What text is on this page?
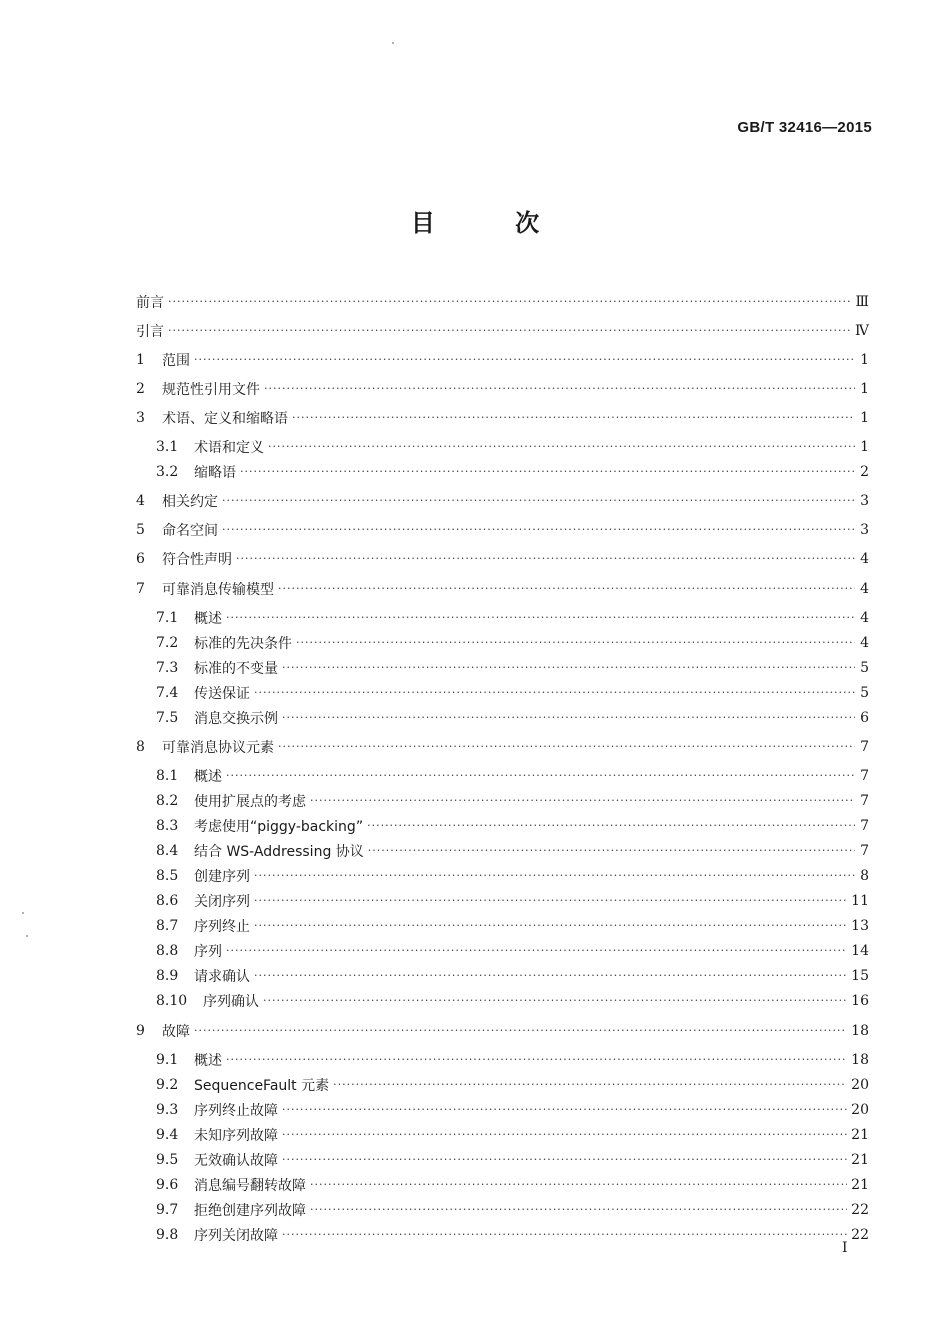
GB/T 32416—2015
目 次
前言 ·····	Ⅲ
引言 ·····	Ⅳ
1	范围 ·····	1
2	规范性引用文件 ·····	1
3	术语、定义和缩略语 ·····	1
3.1	术语和定义 ·····	1
3.2	缩略语 ·····	2
4	相关约定 ·····	3
5	命名空间 ·····	3
6	符合性声明 ·····	4
7	可靠消息传输模型 ·····	4
7.1	概述 ·····	4
7.2	标准的先决条件 ·····	4
7.3	标准的不变量 ·····	5
7.4	传送保证 ·····	5
7.5	消息交换示例 ·····	6
8	可靠消息协议元素 ·····	7
8.1	概述 ·····	7
8.2	使用扩展点的考虑 ·····	7
8.3	考虑使用“piggy-backing” ·····	7
8.4	结合 WS-Addressing 协议 ·····	7
8.5	创建序列 ·····	8
8.6	关闭序列 ·····	11
8.7	序列终止 ·····	13
8.8	序列 ·····	14
8.9	请求确认 ·····	15
8.10	序列确认 ·····	16
9	故障 ·····	18
9.1	概述 ·····	18
9.2	SequenceFault 元素 ·····	20
9.3	序列终止故障 ·····	20
9.4	未知序列故障 ·····	21
9.5	无效确认故障 ·····	21
9.6	消息编号翻转故障 ·····	21
9.7	拒绝创建序列故障 ·····	22
9.8	序列关闭故障 ·····	22
I
